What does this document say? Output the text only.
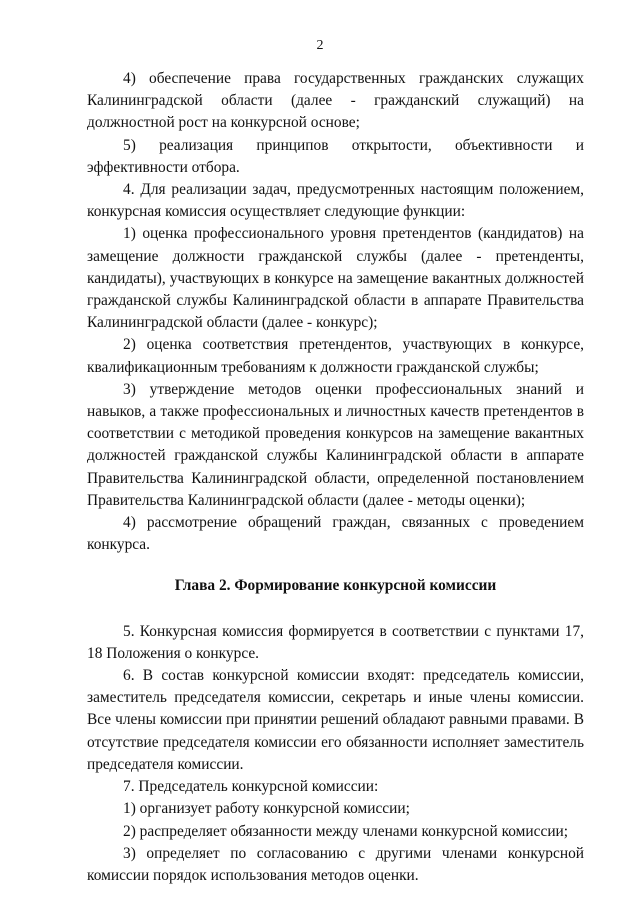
2

4) обеспечение права государственных гражданских служащих Калининградской области (далее - гражданский служащий) на должностной рост на конкурсной основе;

5) реализация принципов открытости, объективности и эффективности отбора.

4. Для реализации задач, предусмотренных настоящим положением, конкурсная комиссия осуществляет следующие функции:

1) оценка профессионального уровня претендентов (кандидатов) на замещение должности гражданской службы (далее - претенденты, кандидаты), участвующих в конкурсе на замещение вакантных должностей гражданской службы Калининградской области в аппарате Правительства Калининградской области (далее - конкурс);

2) оценка соответствия претендентов, участвующих в конкурсе, квалификационным требованиям к должности гражданской службы;

3) утверждение методов оценки профессиональных знаний и навыков, а также профессиональных и личностных качеств претендентов в соответствии с методикой проведения конкурсов на замещение вакантных должностей гражданской службы Калининградской области в аппарате Правительства Калининградской области, определенной постановлением Правительства Калининградской области (далее - методы оценки);

4) рассмотрение обращений граждан, связанных с проведением конкурса.

Глава 2. Формирование конкурсной комиссии

5. Конкурсная комиссия формируется в соответствии с пунктами 17, 18 Положения о конкурсе.

6. В состав конкурсной комиссии входят: председатель комиссии, заместитель председателя комиссии, секретарь и иные члены комиссии. Все члены комиссии при принятии решений обладают равными правами. В отсутствие председателя комиссии его обязанности исполняет заместитель председателя комиссии.

7. Председатель конкурсной комиссии:

1) организует работу конкурсной комиссии;

2) распределяет обязанности между членами конкурсной комиссии;

3) определяет по согласованию с другими членами конкурсной комиссии порядок использования методов оценки.
